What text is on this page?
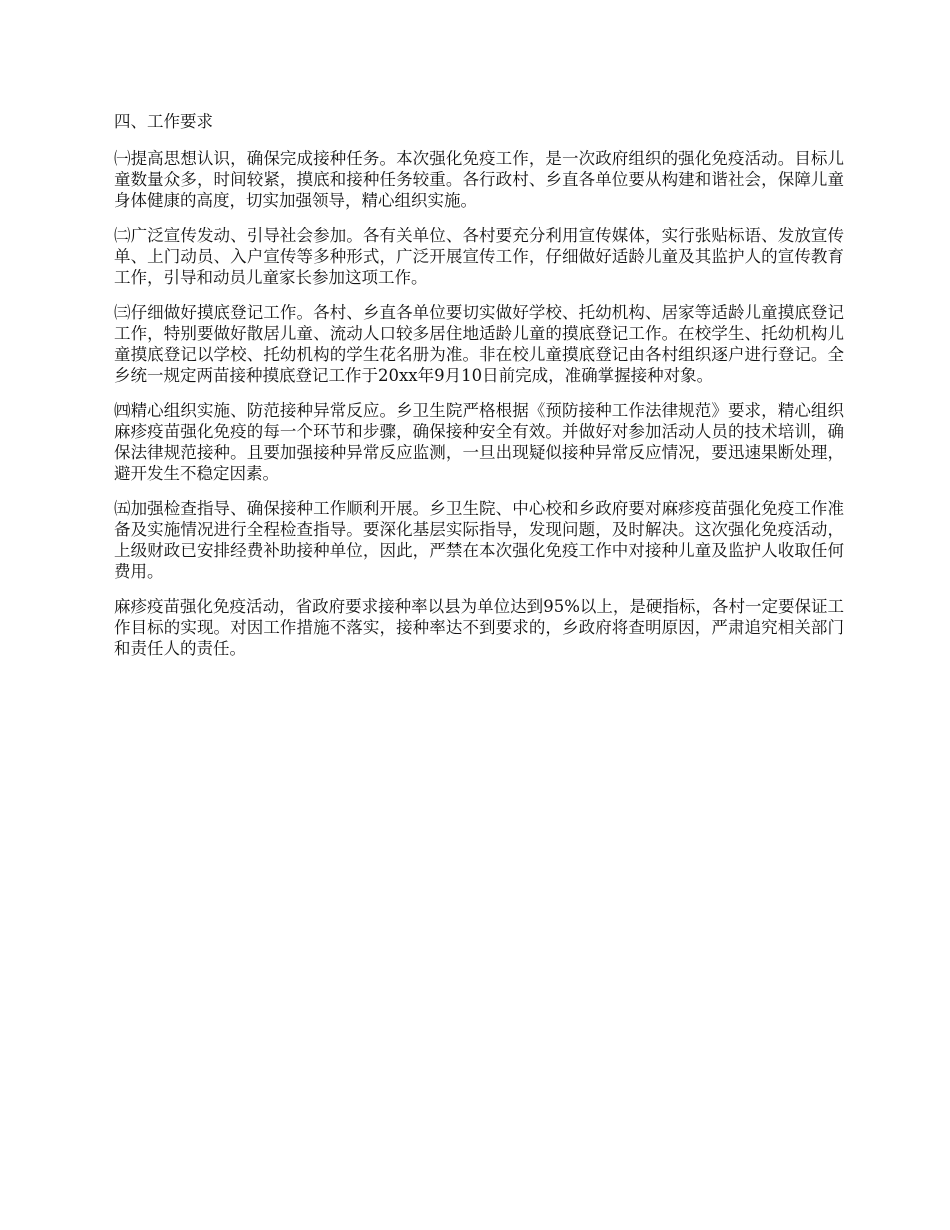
四、工作要求

㈠提高思想认识，确保完成接种任务。本次强化免疫工作，是一次政府组织的强化免疫活动。目标儿童数量众多，时间较紧，摸底和接种任务较重。各行政村、乡直各单位要从构建和谐社会，保障儿童身体健康的高度，切实加强领导，精心组织实施。

㈡广泛宣传发动、引导社会参加。各有关单位、各村要充分利用宣传媒体，实行张贴标语、发放宣传单、上门动员、入户宣传等多种形式，广泛开展宣传工作，仔细做好适龄儿童及其监护人的宣传教育工作，引导和动员儿童家长参加这项工作。

㈢仔细做好摸底登记工作。各村、乡直各单位要切实做好学校、托幼机构、居家等适龄儿童摸底登记工作，特别要做好散居儿童、流动人口较多居住地适龄儿童的摸底登记工作。在校学生、托幼机构儿童摸底登记以学校、托幼机构的学生花名册为准。非在校儿童摸底登记由各村组织逐户进行登记。全乡统一规定两苗接种摸底登记工作于20xx年9月10日前完成，准确掌握接种对象。

㈣精心组织实施、防范接种异常反应。乡卫生院严格根据《预防接种工作法律规范》要求，精心组织麻疹疫苗强化免疫的每一个环节和步骤，确保接种安全有效。并做好对参加活动人员的技术培训，确保法律规范接种。且要加强接种异常反应监测，一旦出现疑似接种异常反应情况，要迅速果断处理，避开发生不稳定因素。

㈤加强检查指导、确保接种工作顺利开展。乡卫生院、中心校和乡政府要对麻疹疫苗强化免疫工作准备及实施情况进行全程检查指导。要深化基层实际指导，发现问题，及时解决。这次强化免疫活动，上级财政已安排经费补助接种单位，因此，严禁在本次强化免疫工作中对接种儿童及监护人收取任何费用。

麻疹疫苗强化免疫活动，省政府要求接种率以县为单位达到95%以上，是硬指标，各村一定要保证工作目标的实现。对因工作措施不落实，接种率达不到要求的，乡政府将查明原因，严肃追究相关部门和责任人的责任。
